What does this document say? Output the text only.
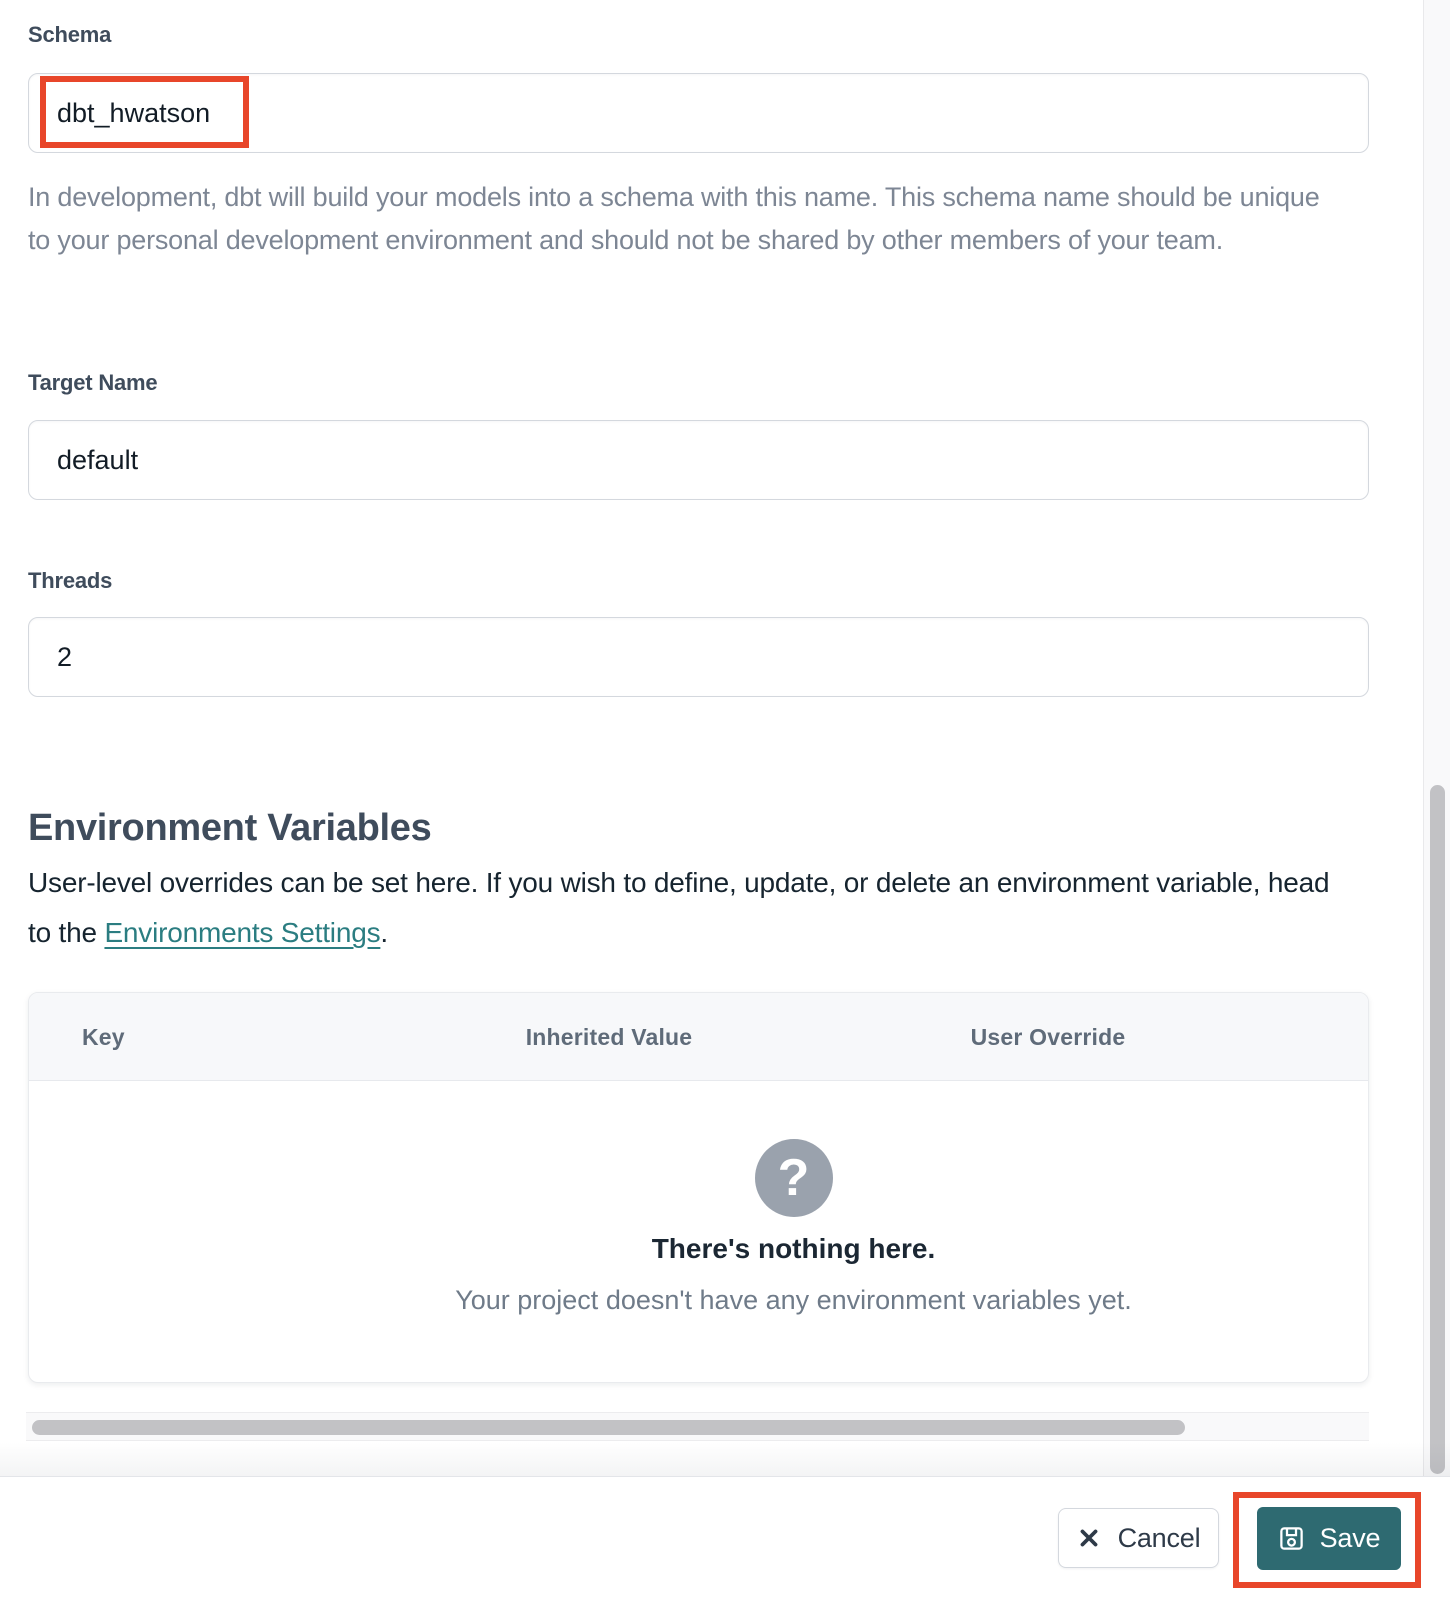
Schema
dbt_hwatson

In development, dbt will build your models into a schema with this name. This schema name should be unique to your personal development environment and should not be shared by other members of your team.

Target Name
default
Threads
2
Environment Variables

User-level overrides can be set here. If you wish to define, update, or delete an environment variable, head to the Environments Settings.

Key	Inherited Value	User Override
?
There's nothing here.
Your project doesn't have any environment variables yet.
Cancel	Save
